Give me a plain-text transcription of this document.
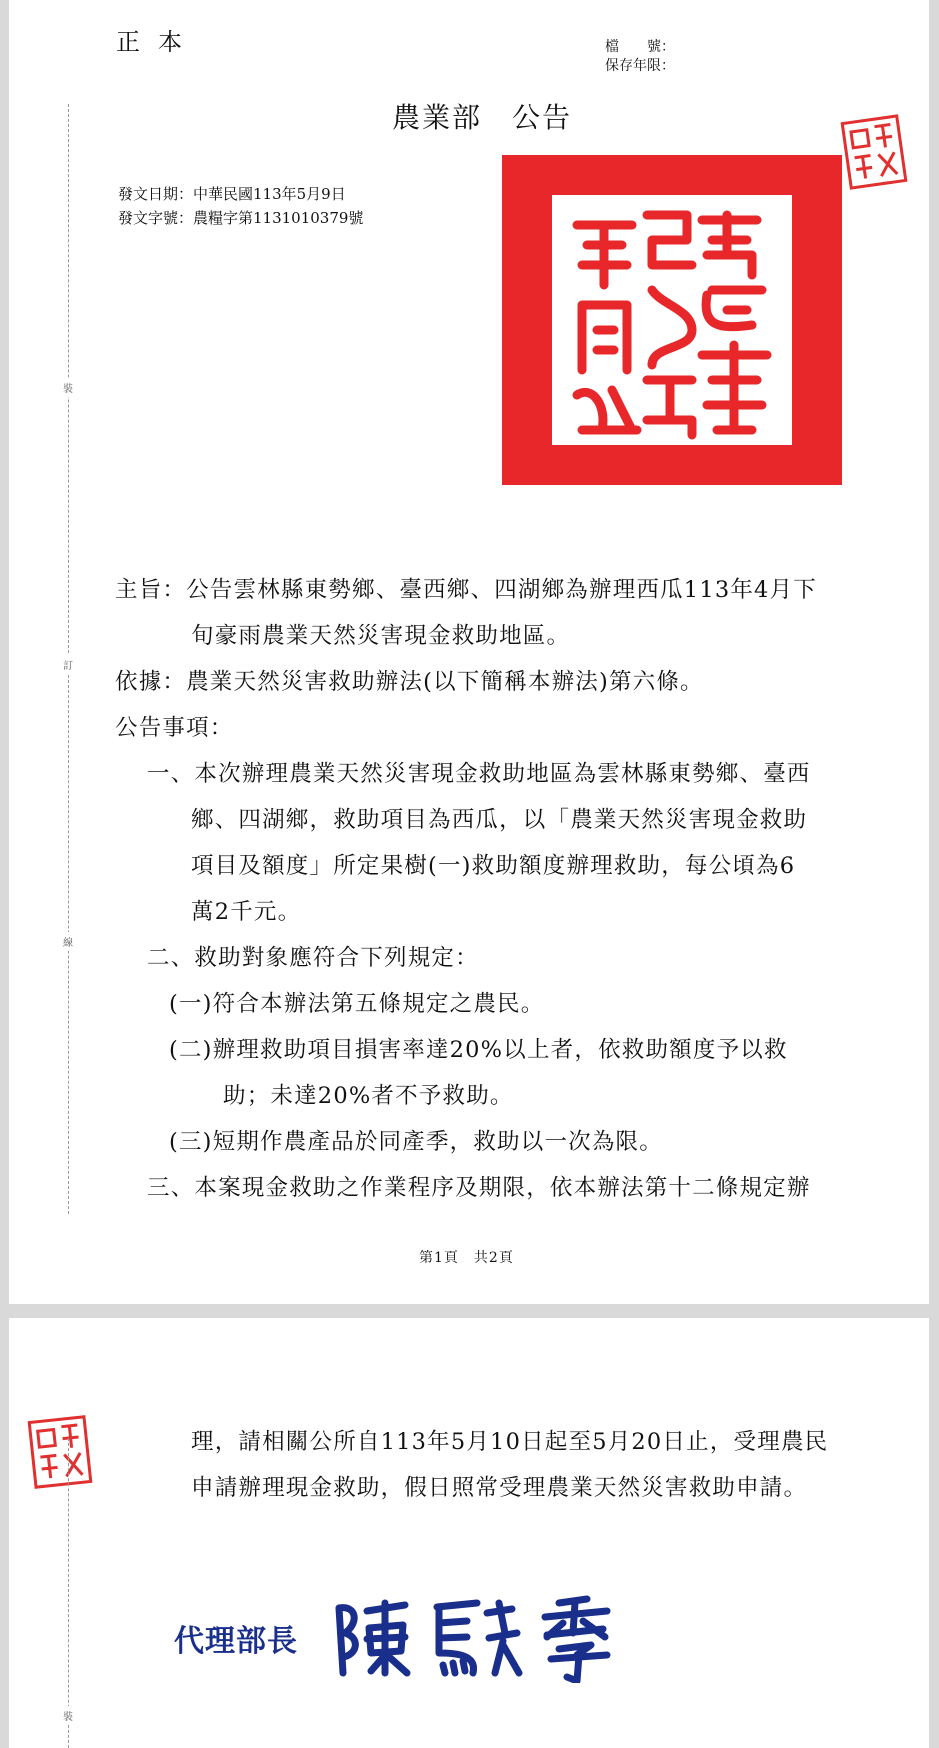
正本	檔　　號：
保存年限：
農業部　公告
發文日期：中華民國113年5月9日
發文字號：農糧字第1131010379號
裝
訂
線
主旨：公告雲林縣東勢鄉、臺西鄉、四湖鄉為辦理西瓜113年4月下
旬豪雨農業天然災害現金救助地區。
依據：農業天然災害救助辦法(以下簡稱本辦法)第六條。
公告事項：
一、本次辦理農業天然災害現金救助地區為雲林縣東勢鄉、臺西
鄉、四湖鄉，救助項目為西瓜，以「農業天然災害現金救助
項目及額度」所定果樹(一)救助額度辦理救助，每公頃為6
萬2千元。
二、救助對象應符合下列規定：
(一)符合本辦法第五條規定之農民。
(二)辦理救助項目損害率達20%以上者，依救助額度予以救
助；未達20%者不予救助。
(三)短期作農產品於同產季，救助以一次為限。
三、本案現金救助之作業程序及期限，依本辦法第十二條規定辦
第1頁　共2頁
裝
理，請相關公所自113年5月10日起至5月20日止，受理農民
申請辦理現金救助，假日照常受理農業天然災害救助申請。
代理部長
